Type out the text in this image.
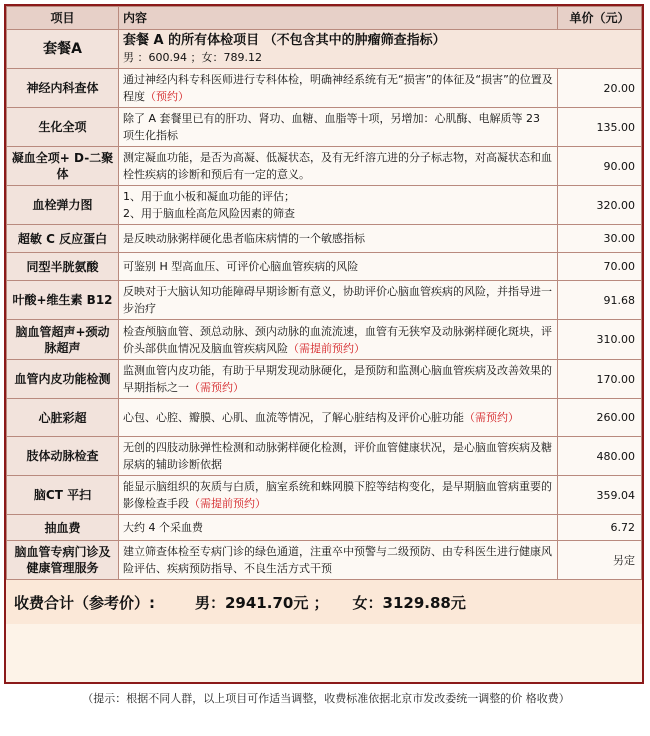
项目	内容	单价（元）
套餐A	套餐 A 的所有体检项目 （不包含其中的肿瘤筛查指标）
男 ：600.94 ；女：789.12	

神经内科查体	通过神经内科专科医师进行专科体检，明确神经系统有无“损害”的体征及“损害”的位置及程度（预约）	20.00
生化全项	除了 A 套餐里已有的肝功、肾功、血糖、血脂等十项，另增加：心肌酶、电解质等 23 项生化指标	135.00
凝血全项+ D-二聚体	测定凝血功能，是否为高凝、低凝状态，及有无纤溶亢进的分子标志物，对高凝状态和血栓性疾病的诊断和预后有一定的意义。	90.00
血栓弹力图	1、用于血小板和凝血功能的评估；
2、用于脑血栓高危风险因素的筛查	320.00
超敏 C 反应蛋白	是反映动脉粥样硬化患者临床病情的一个敏感指标	30.00
同型半胱氨酸	可鉴别 H 型高血压、可评价心脑血管疾病的风险	70.00
叶酸+维生素 B12	反映对于大脑认知功能障碍早期诊断有意义，协助评价心脑血管疾病的风险，并指导进一步治疗	91.68
脑血管超声+颈动脉超声	检查颅脑血管、颈总动脉、颈内动脉的血流流速，血管有无狭窄及动脉粥样硬化斑块，评价头部供血情况及脑血管疾病风险（需提前预约）	310.00
血管内皮功能检测	监测血管内皮功能，有助于早期发现动脉硬化，是预防和监测心脑血管疾病及改善效果的早期指标之一（需预约）	170.00
心脏彩超	心包、心腔、瓣膜、心肌、血流等情况，了解心脏结构及评价心脏功能（需预约）	260.00
肢体动脉检查	无创的四肢动脉弹性检测和动脉粥样硬化检测，评价血管健康状况，是心脑血管疾病及糖尿病的辅助诊断依据	480.00
脑CT 平扫	能显示脑组织的灰质与白质，脑室系统和蛛网膜下腔等结构变化，是早期脑血管病重要的影像检查手段（需提前预约）	359.04
抽血费	大约 4 个采血费	6.72
脑血管专病门诊及健康管理服务	建立筛查体检至专病门诊的绿色通道，注重卒中预警与二级预防、由专科医生进行健康风险评估、疾病预防指导、不良生活方式干预	另定
收费合计（参考价）:	男：2941.70元 ； 女：3129.88元
（提示：根据不同人群，以上项目可作适当调整，收费标准依据北京市发改委统一调整的价 格收费）
